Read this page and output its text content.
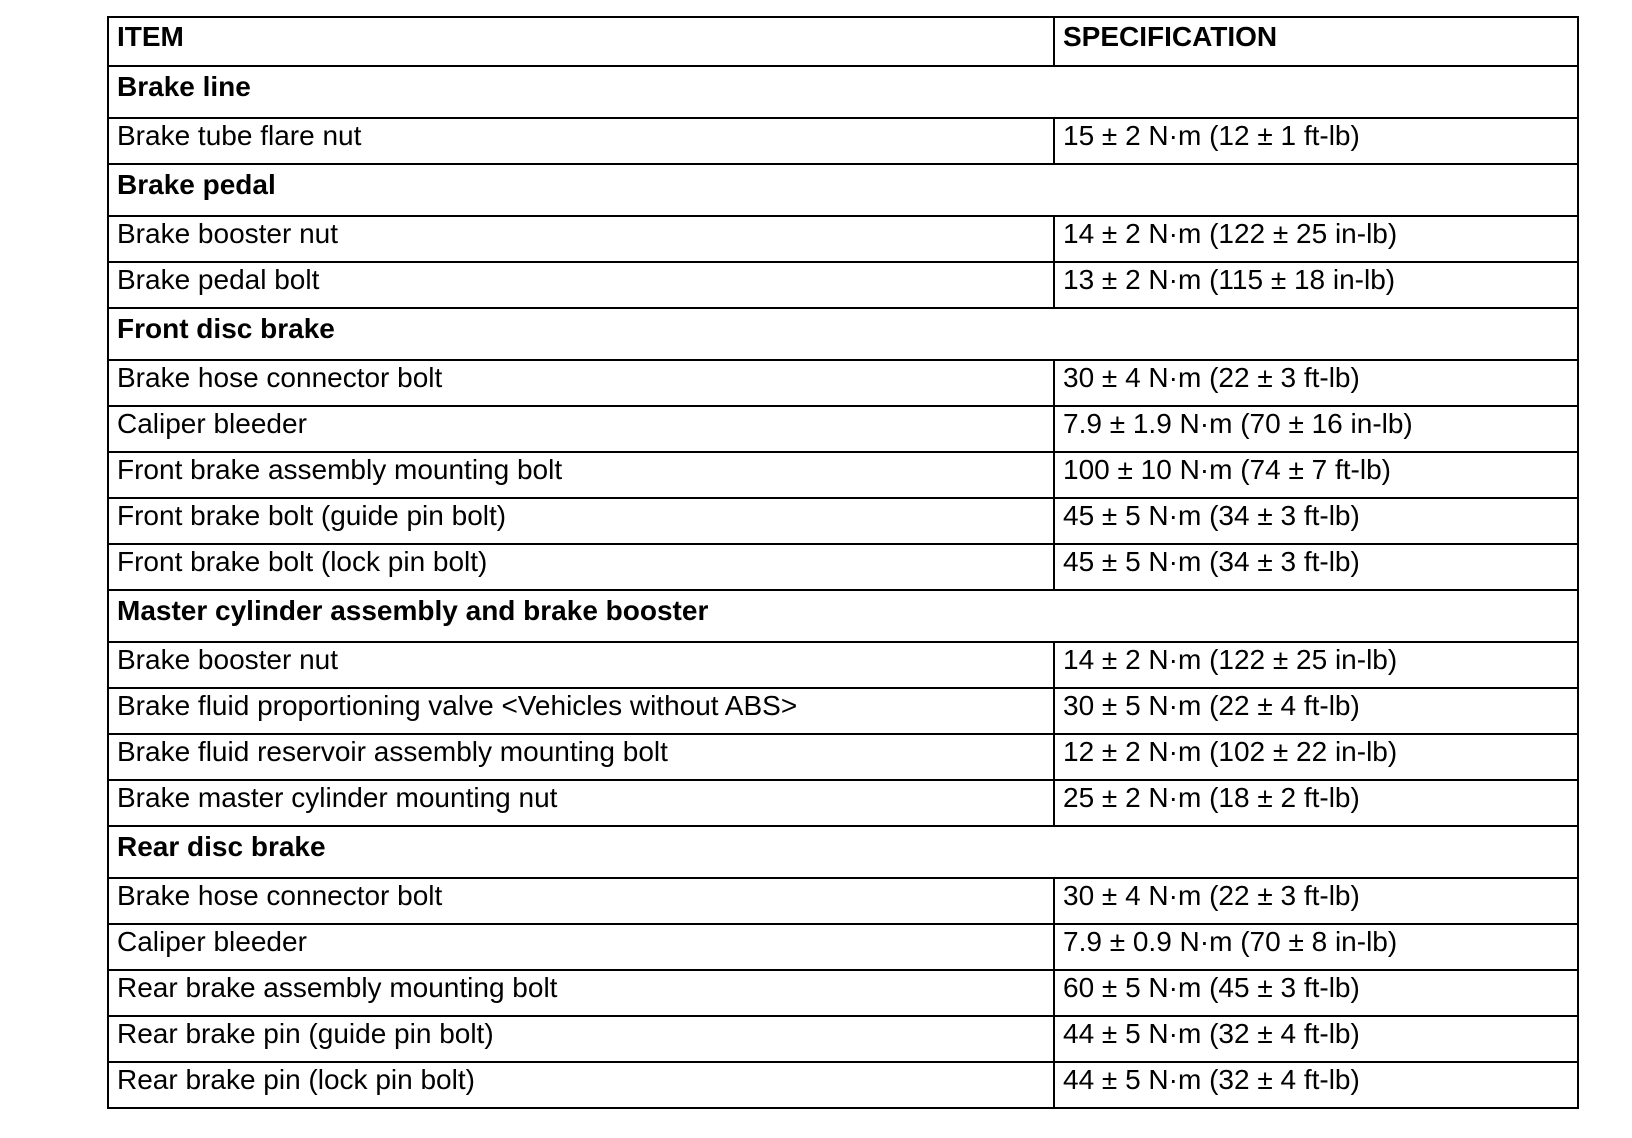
ITEM	SPECIFICATION
Brake line	
Brake tube flare nut	15 ± 2 N·m (12 ± 1 ft-lb)
Brake pedal	
Brake booster nut	14 ± 2 N·m (122 ± 25 in-lb)
Brake pedal bolt	13 ± 2 N·m (115 ± 18 in-lb)
Front disc brake	
Brake hose connector bolt	30 ± 4 N·m (22 ± 3 ft-lb)
Caliper bleeder	7.9 ± 1.9 N·m (70 ± 16 in-lb)
Front brake assembly mounting bolt	100 ± 10 N·m (74 ± 7 ft-lb)
Front brake bolt (guide pin bolt)	45 ± 5 N·m (34 ± 3 ft-lb)
Front brake bolt (lock pin bolt)	45 ± 5 N·m (34 ± 3 ft-lb)
Master cylinder assembly and brake booster	
Brake booster nut	14 ± 2 N·m (122 ± 25 in-lb)
Brake fluid proportioning valve <Vehicles without ABS>	30 ± 5 N·m (22 ± 4 ft-lb)
Brake fluid reservoir assembly mounting bolt	12 ± 2 N·m (102 ± 22 in-lb)
Brake master cylinder mounting nut	25 ± 2 N·m (18 ± 2 ft-lb)
Rear disc brake	
Brake hose connector bolt	30 ± 4 N·m (22 ± 3 ft-lb)
Caliper bleeder	7.9 ± 0.9 N·m (70 ± 8 in-lb)
Rear brake assembly mounting bolt	60 ± 5 N·m (45 ± 3 ft-lb)
Rear brake pin (guide pin bolt)	44 ± 5 N·m (32 ± 4 ft-lb)
Rear brake pin (lock pin bolt)	44 ± 5 N·m (32 ± 4 ft-lb)
